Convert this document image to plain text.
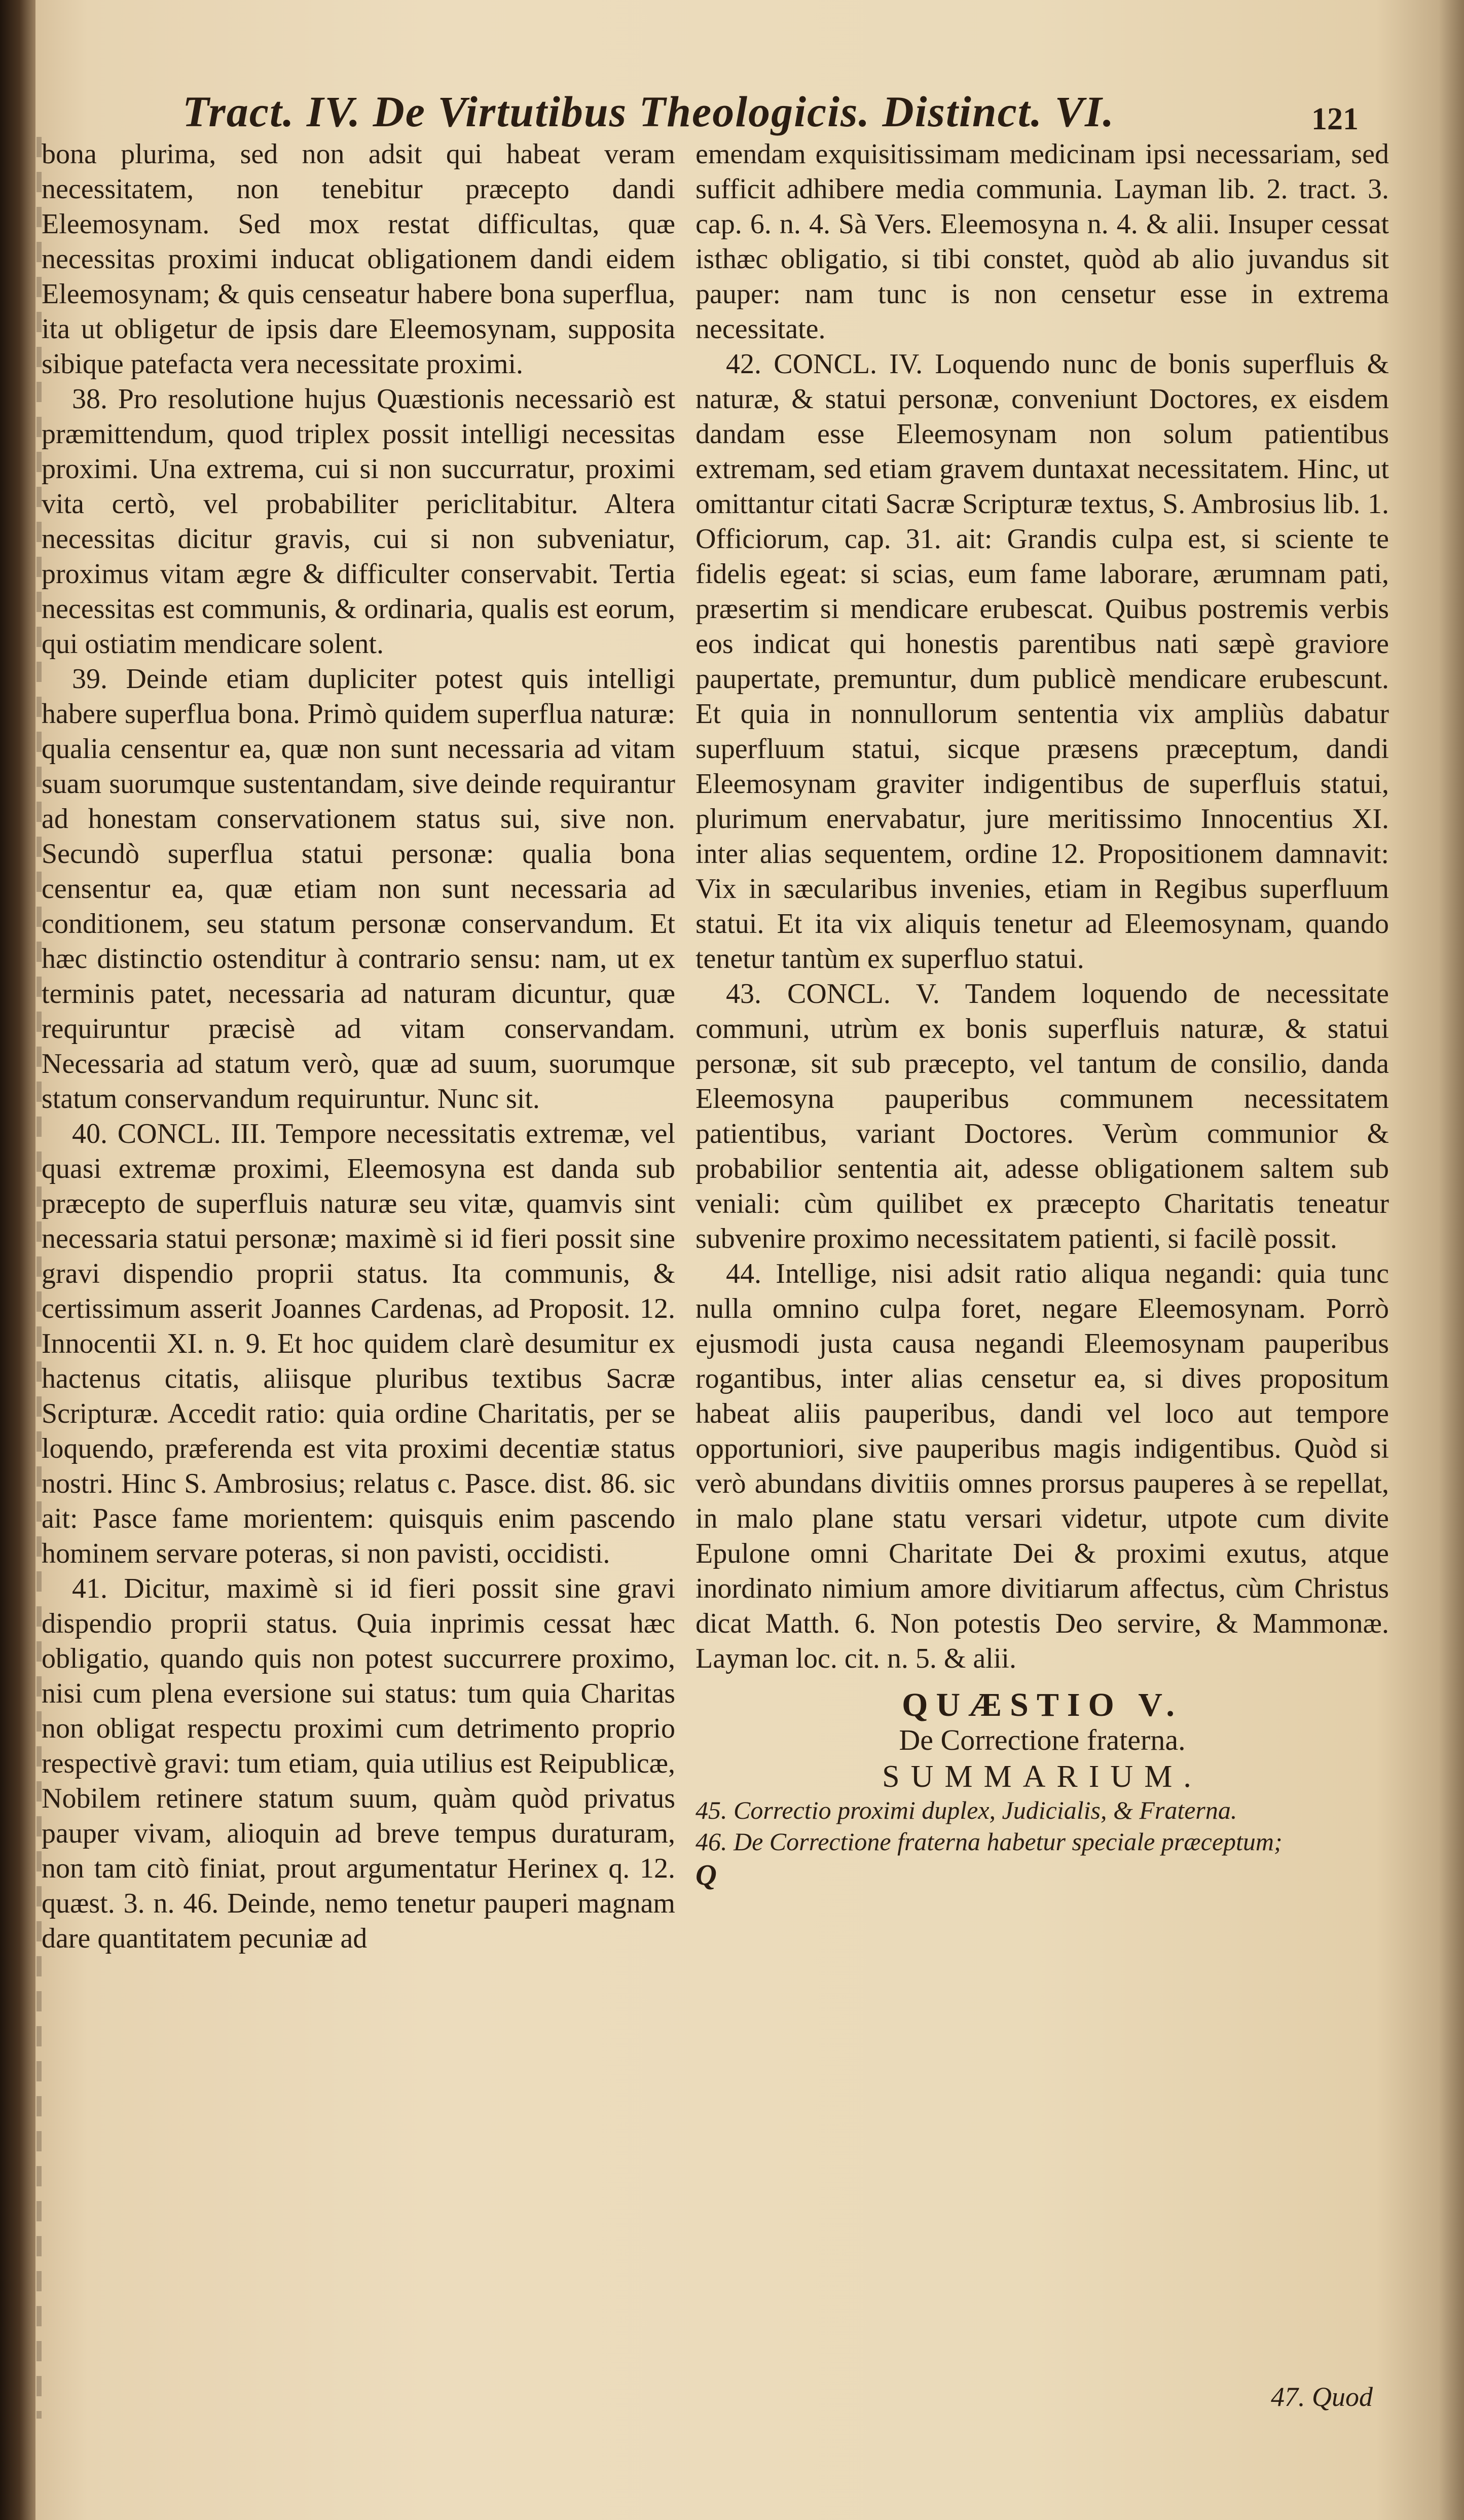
Tract. IV. De Virtutibus Theologicis. Distinct. VI.	121

bona plurima, sed non adsit qui habeat veram necessitatem, non tenebitur præcepto dandi Eleemosynam. Sed mox restat difficultas, quæ necessitas proximi inducat obligationem dandi eidem Eleemosynam; & quis censeatur habere bona superflua, ita ut obligetur de ipsis dare Eleemosynam, supposita sibique patefacta vera necessitate proximi.

38. Pro resolutione hujus Quæstionis necessariò est præmittendum, quod triplex possit intelligi necessitas proximi. Una extrema, cui si non succurratur, proximi vita certò, vel probabiliter periclitabitur. Altera necessitas dicitur gravis, cui si non subveniatur, proximus vitam ægre & difficulter conservabit. Tertia necessitas est communis, & ordinaria, qualis est eorum, qui ostiatim mendicare solent.

39. Deinde etiam dupliciter potest quis intelligi habere superflua bona. Primò quidem superflua naturæ: qualia censentur ea, quæ non sunt necessaria ad vitam suam suorumque sustentandam, sive deinde requirantur ad honestam conservationem status sui, sive non. Secundò superflua statui personæ: qualia bona censentur ea, quæ etiam non sunt necessaria ad conditionem, seu statum personæ conservandum. Et hæc distinctio ostenditur à contrario sensu: nam, ut ex terminis patet, necessaria ad naturam dicuntur, quæ requiruntur præcisè ad vitam conservandam. Necessaria ad statum verò, quæ ad suum, suorumque statum conservandum requiruntur. Nunc sit.

40. CONCL. III. Tempore necessitatis extremæ, vel quasi extremæ proximi, Eleemosyna est danda sub præcepto de superfluis naturæ seu vitæ, quamvis sint necessaria statui personæ; maximè si id fieri possit sine gravi dispendio proprii status. Ita communis, & certissimum asserit Joannes Cardenas, ad Proposit. 12. Innocentii XI. n. 9. Et hoc quidem clarè desumitur ex hactenus citatis, aliisque pluribus textibus Sacræ Scripturæ. Accedit ratio: quia ordine Charitatis, per se loquendo, præferenda est vita proximi decentiæ status nostri. Hinc S. Ambrosius; relatus c. Pasce. dist. 86. sic ait: Pasce fame morientem: quisquis enim pascendo hominem servare poteras, si non pavisti, occidisti.

41. Dicitur, maximè si id fieri possit sine gravi dispendio proprii status. Quia inprimis cessat hæc obligatio, quando quis non potest succurrere proximo, nisi cum plena eversione sui status: tum quia Charitas non obligat respectu proximi cum detrimento proprio respectivè gravi: tum etiam, quia utilius est Reipublicæ, Nobilem retinere statum suum, quàm quòd privatus pauper vivam, alioquin ad breve tempus duraturam, non tam citò finiat, prout argumentatur Herinex q. 12. quæst. 3. n. 46. Deinde, nemo tenetur pauperi magnam dare quantitatem pecuniæ ad

emendam exquisitissimam medicinam ipsi necessariam, sed sufficit adhibere media communia. Layman lib. 2. tract. 3. cap. 6. n. 4. Sà Vers. Eleemosyna n. 4. & alii. Insuper cessat isthæc obligatio, si tibi constet, quòd ab alio juvandus sit pauper: nam tunc is non censetur esse in extrema necessitate.

42. CONCL. IV. Loquendo nunc de bonis superfluis & naturæ, & statui personæ, conveniunt Doctores, ex eisdem dandam esse Eleemosynam non solum patientibus extremam, sed etiam gravem duntaxat necessitatem. Hinc, ut omittantur citati Sacræ Scripturæ textus, S. Ambrosius lib. 1. Officiorum, cap. 31. ait: Grandis culpa est, si sciente te fidelis egeat: si scias, eum fame laborare, ærumnam pati, præsertim si mendicare erubescat. Quibus postremis verbis eos indicat qui honestis parentibus nati sæpè graviore paupertate, premuntur, dum publicè mendicare erubescunt. Et quia in nonnullorum sententia vix ampliùs dabatur superfluum statui, sicque præsens præceptum, dandi Eleemosynam graviter indigentibus de superfluis statui, plurimum enervabatur, jure meritissimo Innocentius XI. inter alias sequentem, ordine 12. Propositionem damnavit: Vix in sæcularibus invenies, etiam in Regibus superfluum statui. Et ita vix aliquis tenetur ad Eleemosynam, quando tenetur tantùm ex superfluo statui.

43. CONCL. V. Tandem loquendo de necessitate communi, utrùm ex bonis superfluis naturæ, & statui personæ, sit sub præcepto, vel tantum de consilio, danda Eleemosyna pauperibus communem necessitatem patientibus, variant Doctores. Verùm communior & probabilior sententia ait, adesse obligationem saltem sub veniali: cùm quilibet ex præcepto Charitatis teneatur subvenire proximo necessitatem patienti, si facilè possit.

44. Intellige, nisi adsit ratio aliqua negandi: quia tunc nulla omnino culpa foret, negare Eleemosynam. Porrò ejusmodi justa causa negandi Eleemosynam pauperibus rogantibus, inter alias censetur ea, si dives propositum habeat aliis pauperibus, dandi vel loco aut tempore opportuniori, sive pauperibus magis indigentibus. Quòd si verò abundans divitiis omnes prorsus pauperes à se repellat, in malo plane statu versari videtur, utpote cum divite Epulone omni Charitate Dei & proximi exutus, atque inordinato nimium amore divitiarum affectus, cùm Christus dicat Matth. 6. Non potestis Deo servire, & Mammonæ. Layman loc. cit. n. 5. & alii.

QUÆSTIO V.
De Correctione fraterna.
SUMMARIUM.
45. Correctio proximi duplex, Judicialis, & Fraterna.
46. De Correctione fraterna habetur speciale præceptum;
Q
47. Quod
